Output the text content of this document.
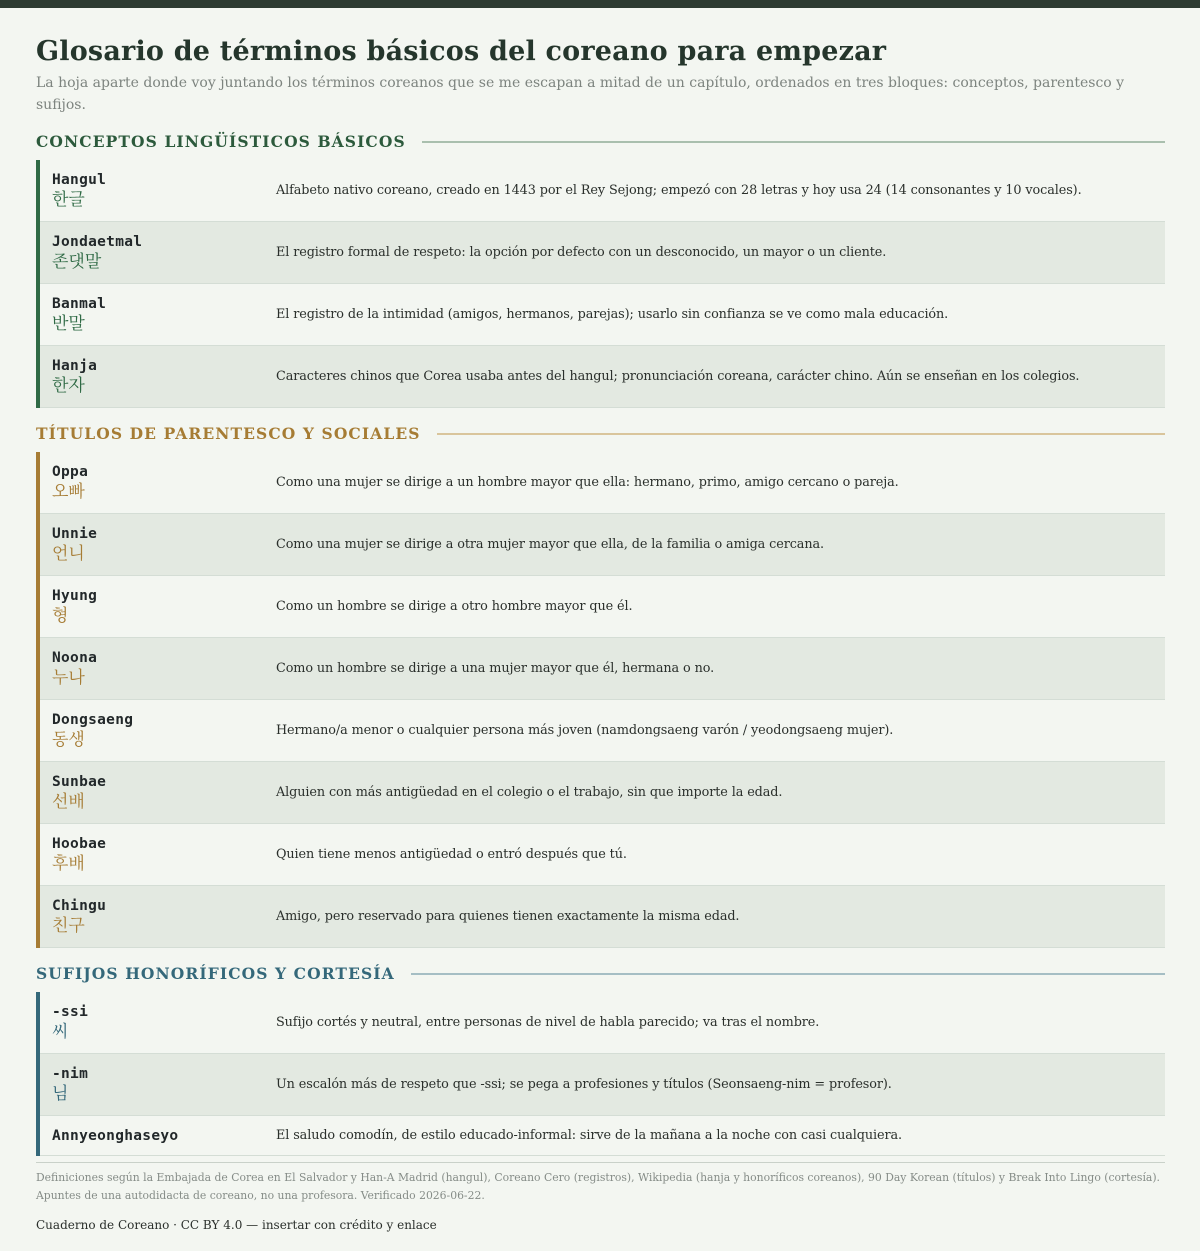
Glosario de términos básicos del coreano para empezar

La hoja aparte donde voy juntando los términos coreanos que se me escapan a mitad de un capítulo, ordenados en tres bloques: conceptos, parentesco y sufijos.

CONCEPTOS LINGÜÍSTICOS BÁSICOS
Hangul
한글	Alfabeto nativo coreano, creado en 1443 por el Rey Sejong; empezó con 28 letras y hoy usa 24 (14 consonantes y 10 vocales).
Jondaetmal
존댓말	El registro formal de respeto: la opción por defecto con un desconocido, un mayor o un cliente.
Banmal
반말	El registro de la intimidad (amigos, hermanos, parejas); usarlo sin confianza se ve como mala educación.
Hanja
한자	Caracteres chinos que Corea usaba antes del hangul; pronunciación coreana, carácter chino. Aún se enseñan en los colegios.
TÍTULOS DE PARENTESCO Y SOCIALES
Oppa
오빠	Como una mujer se dirige a un hombre mayor que ella: hermano, primo, amigo cercano o pareja.
Unnie
언니	Como una mujer se dirige a otra mujer mayor que ella, de la familia o amiga cercana.
Hyung
형	Como un hombre se dirige a otro hombre mayor que él.
Noona
누나	Como un hombre se dirige a una mujer mayor que él, hermana o no.
Dongsaeng
동생	Hermano/a menor o cualquier persona más joven (namdongsaeng varón / yeodongsaeng mujer).
Sunbae
선배	Alguien con más antigüedad en el colegio o el trabajo, sin que importe la edad.
Hoobae
후배	Quien tiene menos antigüedad o entró después que tú.
Chingu
친구	Amigo, pero reservado para quienes tienen exactamente la misma edad.
SUFIJOS HONORÍFICOS Y CORTESÍA
-ssi
씨	Sufijo cortés y neutral, entre personas de nivel de habla parecido; va tras el nombre.
-nim
님	Un escalón más de respeto que -ssi; se pega a profesiones y títulos (Seonsaeng-nim = profesor).
Annyeonghaseyo	El saludo comodín, de estilo educado-informal: sirve de la mañana a la noche con casi cualquiera.

Definiciones según la Embajada de Corea en El Salvador y Han-A Madrid (hangul), Coreano Cero (registros), Wikipedia (hanja y honoríficos coreanos), 90 Day Korean (títulos) y Break Into Lingo (cortesía). Apuntes de una autodidacta de coreano, no una profesora. Verificado 2026-06-22.

Cuaderno de Coreano · CC BY 4.0 — insertar con crédito y enlace
